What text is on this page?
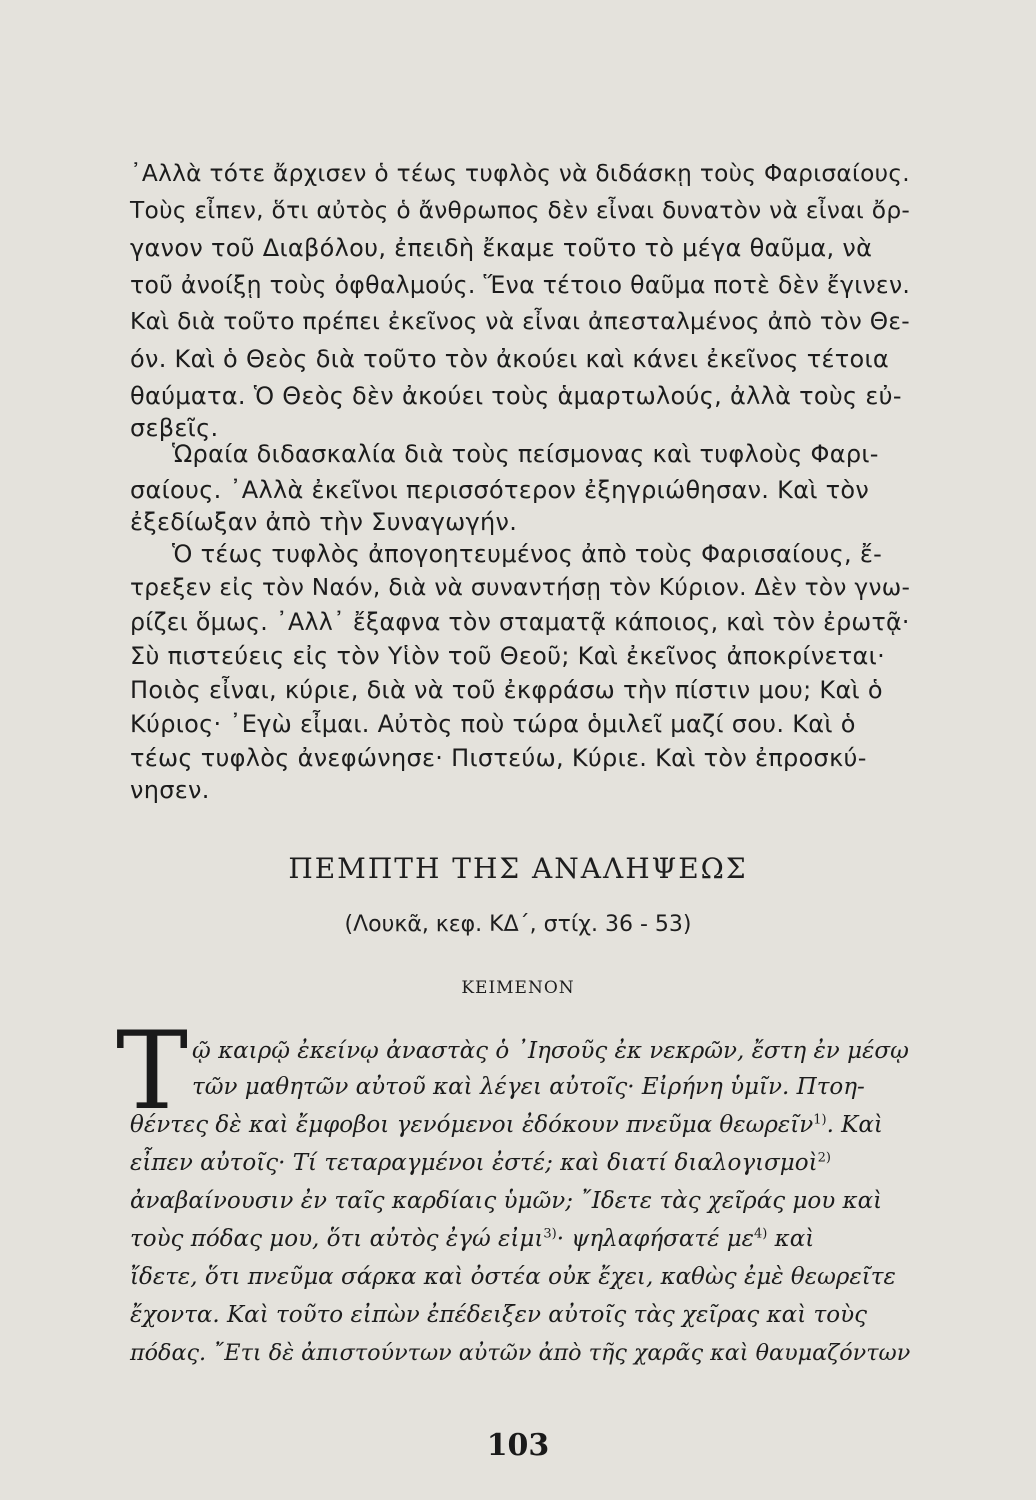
᾿Αλλὰ τότε ἄρχισεν ὁ τέως τυφλὸς νὰ διδάσκῃ τοὺς Φαρισαίους.
Τοὺς εἶπεν, ὅτι αὐτὸς ὁ ἄνθρωπος δὲν εἶναι δυνατὸν νὰ εἶναι ὄρ-
γανον τοῦ Διαβόλου, ἐπειδὴ ἔκαμε τοῦτο τὸ μέγα θαῦμα, νὰ
τοῦ ἀνοίξῃ τοὺς ὀφθαλμούς. Ἕνα τέτοιο θαῦμα ποτὲ δὲν ἔγινεν.
Καὶ διὰ τοῦτο πρέπει ἐκεῖνος νὰ εἶναι ἀπεσταλμένος ἀπὸ τὸν Θε-
όν. Καὶ ὁ Θεὸς διὰ τοῦτο τὸν ἀκούει καὶ κάνει ἐκεῖνος τέτοια
θαύματα. Ὁ Θεὸς δὲν ἀκούει τοὺς ἁμαρτωλούς, ἀλλὰ τοὺς εὐ-
σεβεῖς.
Ὡραία διδασκαλία διὰ τοὺς πείσμονας καὶ τυφλοὺς Φαρι-
σαίους. ᾿Αλλὰ ἐκεῖνοι περισσότερον ἐξηγριώθησαν. Καὶ τὸν
ἐξεδίωξαν ἀπὸ τὴν Συναγωγήν.
Ὁ τέως τυφλὸς ἀπογοητευμένος ἀπὸ τοὺς Φαρισαίους, ἔ-
τρεξεν εἰς τὸν Ναόν, διὰ νὰ συναντήσῃ τὸν Κύριον. Δὲν τὸν γνω-
ρίζει ὅμως. ᾿Αλλ᾿ ἔξαφνα τὸν σταματᾷ κάποιος, καὶ τὸν ἐρωτᾷ·
Σὺ πιστεύεις εἰς τὸν Υἱὸν τοῦ Θεοῦ; Καὶ ἐκεῖνος ἀποκρίνεται·
Ποιὸς εἶναι, κύριε, διὰ νὰ τοῦ ἐκφράσω τὴν πίστιν μου; Καὶ ὁ
Κύριος· ᾿Εγὼ εἶμαι. Αὐτὸς ποὺ τώρα ὁμιλεῖ μαζί σου. Καὶ ὁ
τέως τυφλὸς ἀνεφώνησε· Πιστεύω, Κύριε. Καὶ τὸν ἐπροσκύ-
νησεν.
ΠΕΜΠΤΗ ΤΗΣ ΑΝΑΛΗΨΕΩΣ
(Λουκᾶ, κεφ. ΚΔ΄, στίχ. 36 - 53)
ΚΕΙΜΕΝΟΝ
Τ ῷ καιρῷ ἐκείνῳ ἀναστὰς ὁ ᾿Ιησοῦς ἐκ νεκρῶν, ἔστη ἐν μέσῳ
τῶν μαθητῶν αὐτοῦ καὶ λέγει αὐτοῖς· Εἰρήνη ὑμῖν. Πτοη-
θέντες δὲ καὶ ἔμφοβοι γενόμενοι ἐδόκουν πνεῦμα θεωρεῖν$^{1)}$. Καὶ
εἶπεν αὐτοῖς· Τί τεταραγμένοι ἐστέ; καὶ διατί διαλογισμοὶ$^{2)}$
ἀναβαίνουσιν ἐν ταῖς καρδίαις ὑμῶν; ῎Ιδετε τὰς χεῖράς μου καὶ
τοὺς πόδας μου, ὅτι αὐτὸς ἐγώ εἰμι$^{3)}$· ψηλαφήσατέ $\mu\varepsilon^{4)}$ καὶ
ἴδετε, ὅτι πνεῦμα σάρκα καὶ ὀστέα οὐκ ἔχει, καθὼς ἐμὲ θεωρεῖτε
ἔχοντα. Καὶ τοῦτο εἰπὼν ἐπέδειξεν αὐτοῖς τὰς χεῖρας καὶ τοὺς
πόδας. ῎Ετι δὲ ἀπιστούντων αὐτῶν ἀπὸ τῆς χαρᾶς καὶ θαυμαζόντων
103
